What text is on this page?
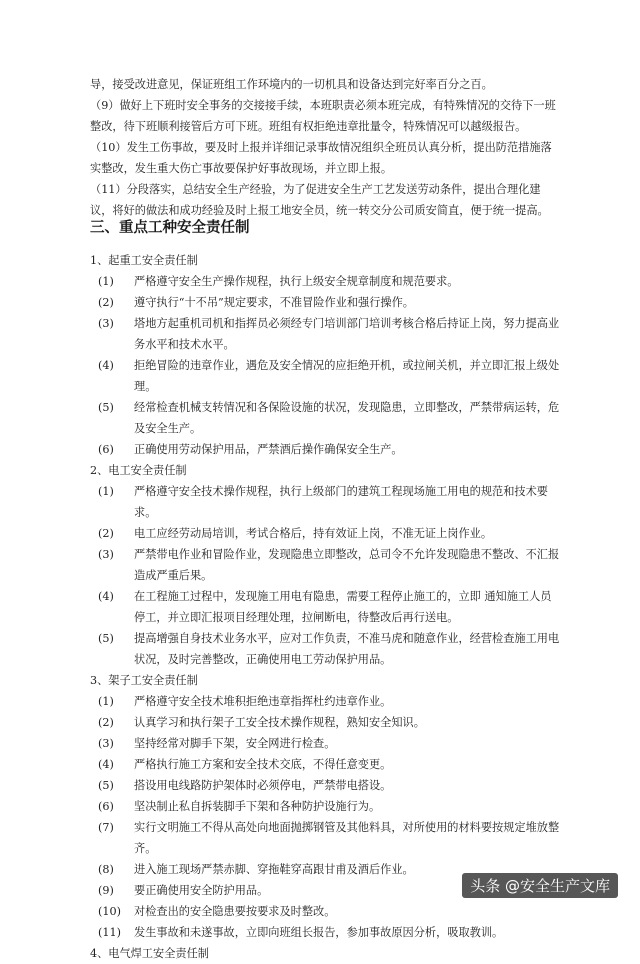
导，接受改进意见，保证班组工作环境内的一切机具和设备达到完好率百分之百。

（9）做好上下班时安全事务的交接接手续，本班职责必须本班完成，有特殊情况的交待下一班整改，待下班顺利接管后方可下班。班组有权拒绝违章批量令，特殊情况可以越级报告。

（10）发生工伤事故，要及时上报并详细记录事故情况组织全班员认真分析，提出防范措施落实整改，发生重大伤亡事故要保护好事故现场，并立即上报。

（11）分段落实，总结安全生产经验，为了促进安全生产工艺发送劳动条件，提出合理化建议，将好的做法和成功经验及时上报工地安全员，统一转交分公司质安简直，便于统一提高。

三、重点工种安全责任制
1、起重工安全责任制
(1)	严格遵守安全生产操作规程，执行上级安全规章制度和规范要求。
(2)	遵守执行“十不吊”规定要求，不准冒险作业和强行操作。
(3)	塔地方起重机司机和指挥员必须经专门培训部门培训考核合格后持证上岗，努力提高业务水平和技术水平。
(4)	拒绝冒险的违章作业，遇危及安全情况的应拒绝开机，或拉闸关机，并立即汇报上级处理。
(5)	经常检查机械支转情况和各保险设施的状况，发现隐患，立即整改，严禁带病运转，危及安全生产。
(6)	正确使用劳动保护用品，严禁酒后操作确保安全生产。
2、电工安全责任制
(1)	严格遵守安全技术操作规程，执行上级部门的建筑工程现场施工用电的规范和技术要求。
(2)	电工应经劳动局培训，考试合格后，持有效证上岗，不准无证上岗作业。
(3)	严禁带电作业和冒险作业，发现隐患立即整改，总司令不允许发现隐患不整改、不汇报造成严重后果。
(4)	在工程施工过程中，发现施工用电有隐患，需要工程停止施工的，立即 通知施工人员停工，并立即汇报项目经理处理，拉闸断电，待整改后再行送电。
(5)	提高增强自身技术业务水平，应对工作负责，不准马虎和随意作业，经营检查施工用电状况，及时完善整改，正确使用电工劳动保护用品。
3、架子工安全责任制
(1)	严格遵守安全技术堆积拒绝违章指挥杜约违章作业。
(2)	认真学习和执行架子工安全技术操作规程，熟知安全知识。
(3)	坚持经常对脚手下架，安全网进行检查。
(4)	严格执行施工方案和安全技术交底，不得任意变更。
(5)	搭设用电线路防护架体时必须停电，严禁带电搭设。
(6)	坚决制止私自拆装脚手下架和各种防护设施行为。
(7)	实行文明施工不得从高处向地面抛掷钢管及其他料具，对所使用的材料要按规定堆放整齐。
(8)	进入施工现场严禁赤脚、穿拖鞋穿高跟甘甫及酒后作业。
(9)	要正确使用安全防护用品。
(10)	对检查出的安全隐患要按要求及时整改。
(11)	发生事故和未遂事故，立即向班组长报告，参加事故原因分析，吸取教训。
4、电气焊工安全责任制
头条 @安全生产文库
